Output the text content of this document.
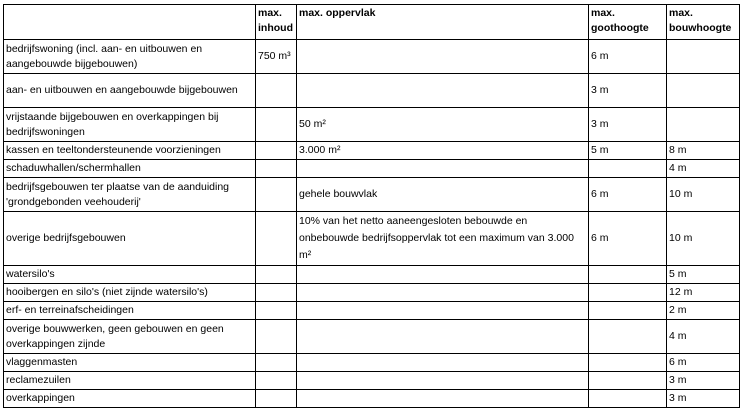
	max. inhoud	max. oppervlak	max. goothoogte	max. bouwhoogte
bedrijfswoning (incl. aan- en uitbouwen en aangebouwde bijgebouwen)	750 m³		6 m	
aan- en uitbouwen en aangebouwde bijgebouwen			3 m	
vrijstaande bijgebouwen en overkappingen bij bedrijfswoningen		50 m²	3 m	
kassen en teeltondersteunende voorzieningen		3.000 m²	5 m	8 m
schaduwhallen/schermhallen				4 m
bedrijfsgebouwen ter plaatse van de aanduiding 'grondgebonden veehouderij'		gehele bouwvlak	6 m	10 m
overige bedrijfsgebouwen		10% van het netto aaneengesloten bebouwde en onbebouwde bedrijfsoppervlak tot een maximum van 3.000 m²	6 m	10 m
watersilo's				5 m
hooibergen en silo's (niet zijnde watersilo's)				12 m
erf- en terreinafscheidingen				2 m
overige bouwwerken, geen gebouwen en geen overkappingen zijnde				4 m
vlaggenmasten				6 m
reclamezuilen				3 m
overkappingen				3 m
